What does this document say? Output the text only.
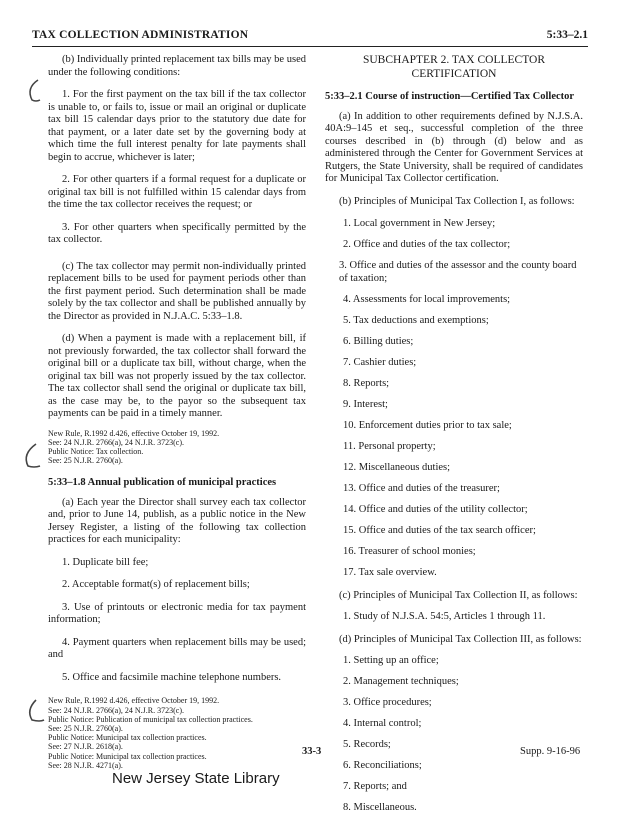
TAX COLLECTION ADMINISTRATION	5:33–2.1

(b) Individually printed replacement tax bills may be used under the following conditions:

1. For the first payment on the tax bill if the tax collector is unable to, or fails to, issue or mail an original or duplicate tax bill 15 calendar days prior to the statutory due date for that payment, or a later date set by the governing body at which time the full interest penalty for late payments shall begin to accrue, whichever is later;

2. For other quarters if a formal request for a duplicate or original tax bill is not fulfilled within 15 calendar days from the time the tax collector receives the request; or

3. For other quarters when specifically permitted by the tax collector.

(c) The tax collector may permit non-individually printed replacement bills to be used for payment periods other than the first payment period. Such determination shall be made solely by the tax collector and shall be published annually by the Director as provided in N.J.A.C. 5:33–1.8.

(d) When a payment is made with a replacement bill, if not previously forwarded, the tax collector shall forward the original bill or a duplicate tax bill, without charge, when the original tax bill was not properly issued by the tax collector. The tax collector shall send the original or duplicate tax bill, as the case may be, to the payor so the subsequent tax payments can be paid in a timely manner.

New Rule, R.1992 d.426, effective October 19, 1992.
See: 24 N.J.R. 2766(a), 24 N.J.R. 3723(c).
Public Notice: Tax collection.
See: 25 N.J.R. 2760(a).

5:33–1.8 Annual publication of municipal practices

(a) Each year the Director shall survey each tax collector and, prior to June 14, publish, as a public notice in the New Jersey Register, a listing of the following tax collection practices for each municipality:

1. Duplicate bill fee;

2. Acceptable format(s) of replacement bills;

3. Use of printouts or electronic media for tax payment information;

4. Payment quarters when replacement bills may be used; and

5. Office and facsimile machine telephone numbers.

New Rule, R.1992 d.426, effective October 19, 1992.
See: 24 N.J.R. 2766(a), 24 N.J.R. 3723(c).
Public Notice: Publication of municipal tax collection practices.
See: 25 N.J.R. 2760(a).
Public Notice: Municipal tax collection practices.
See: 27 N.J.R. 2618(a).
Public Notice: Municipal tax collection practices.
See: 28 N.J.R. 4271(a).

SUBCHAPTER 2. TAX COLLECTOR CERTIFICATION

5:33–2.1 Course of instruction—Certified Tax Collector

(a) In addition to other requirements defined by N.J.S.A. 40A:9–145 et seq., successful completion of the three courses described in (b) through (d) below and as administered through the Center for Government Services at Rutgers, the State University, shall be required of candidates for Municipal Tax Collector certification.

(b) Principles of Municipal Tax Collection I, as follows:

1. Local government in New Jersey;

2. Office and duties of the tax collector;

3. Office and duties of the assessor and the county board of taxation;

4. Assessments for local improvements;

5. Tax deductions and exemptions;

6. Billing duties;

7. Cashier duties;

8. Reports;

9. Interest;

10. Enforcement duties prior to tax sale;

11. Personal property;

12. Miscellaneous duties;

13. Office and duties of the treasurer;

14. Office and duties of the utility collector;

15. Office and duties of the tax search officer;

16. Treasurer of school monies;

17. Tax sale overview.

(c) Principles of Municipal Tax Collection II, as follows:

1. Study of N.J.S.A. 54:5, Articles 1 through 11.

(d) Principles of Municipal Tax Collection III, as follows:

1. Setting up an office;

2. Management techniques;

3. Office procedures;

4. Internal control;

5. Records;

6. Reconciliations;

7. Reports; and

8. Miscellaneous.

33-3	Supp. 9-16-96
New Jersey State Library
